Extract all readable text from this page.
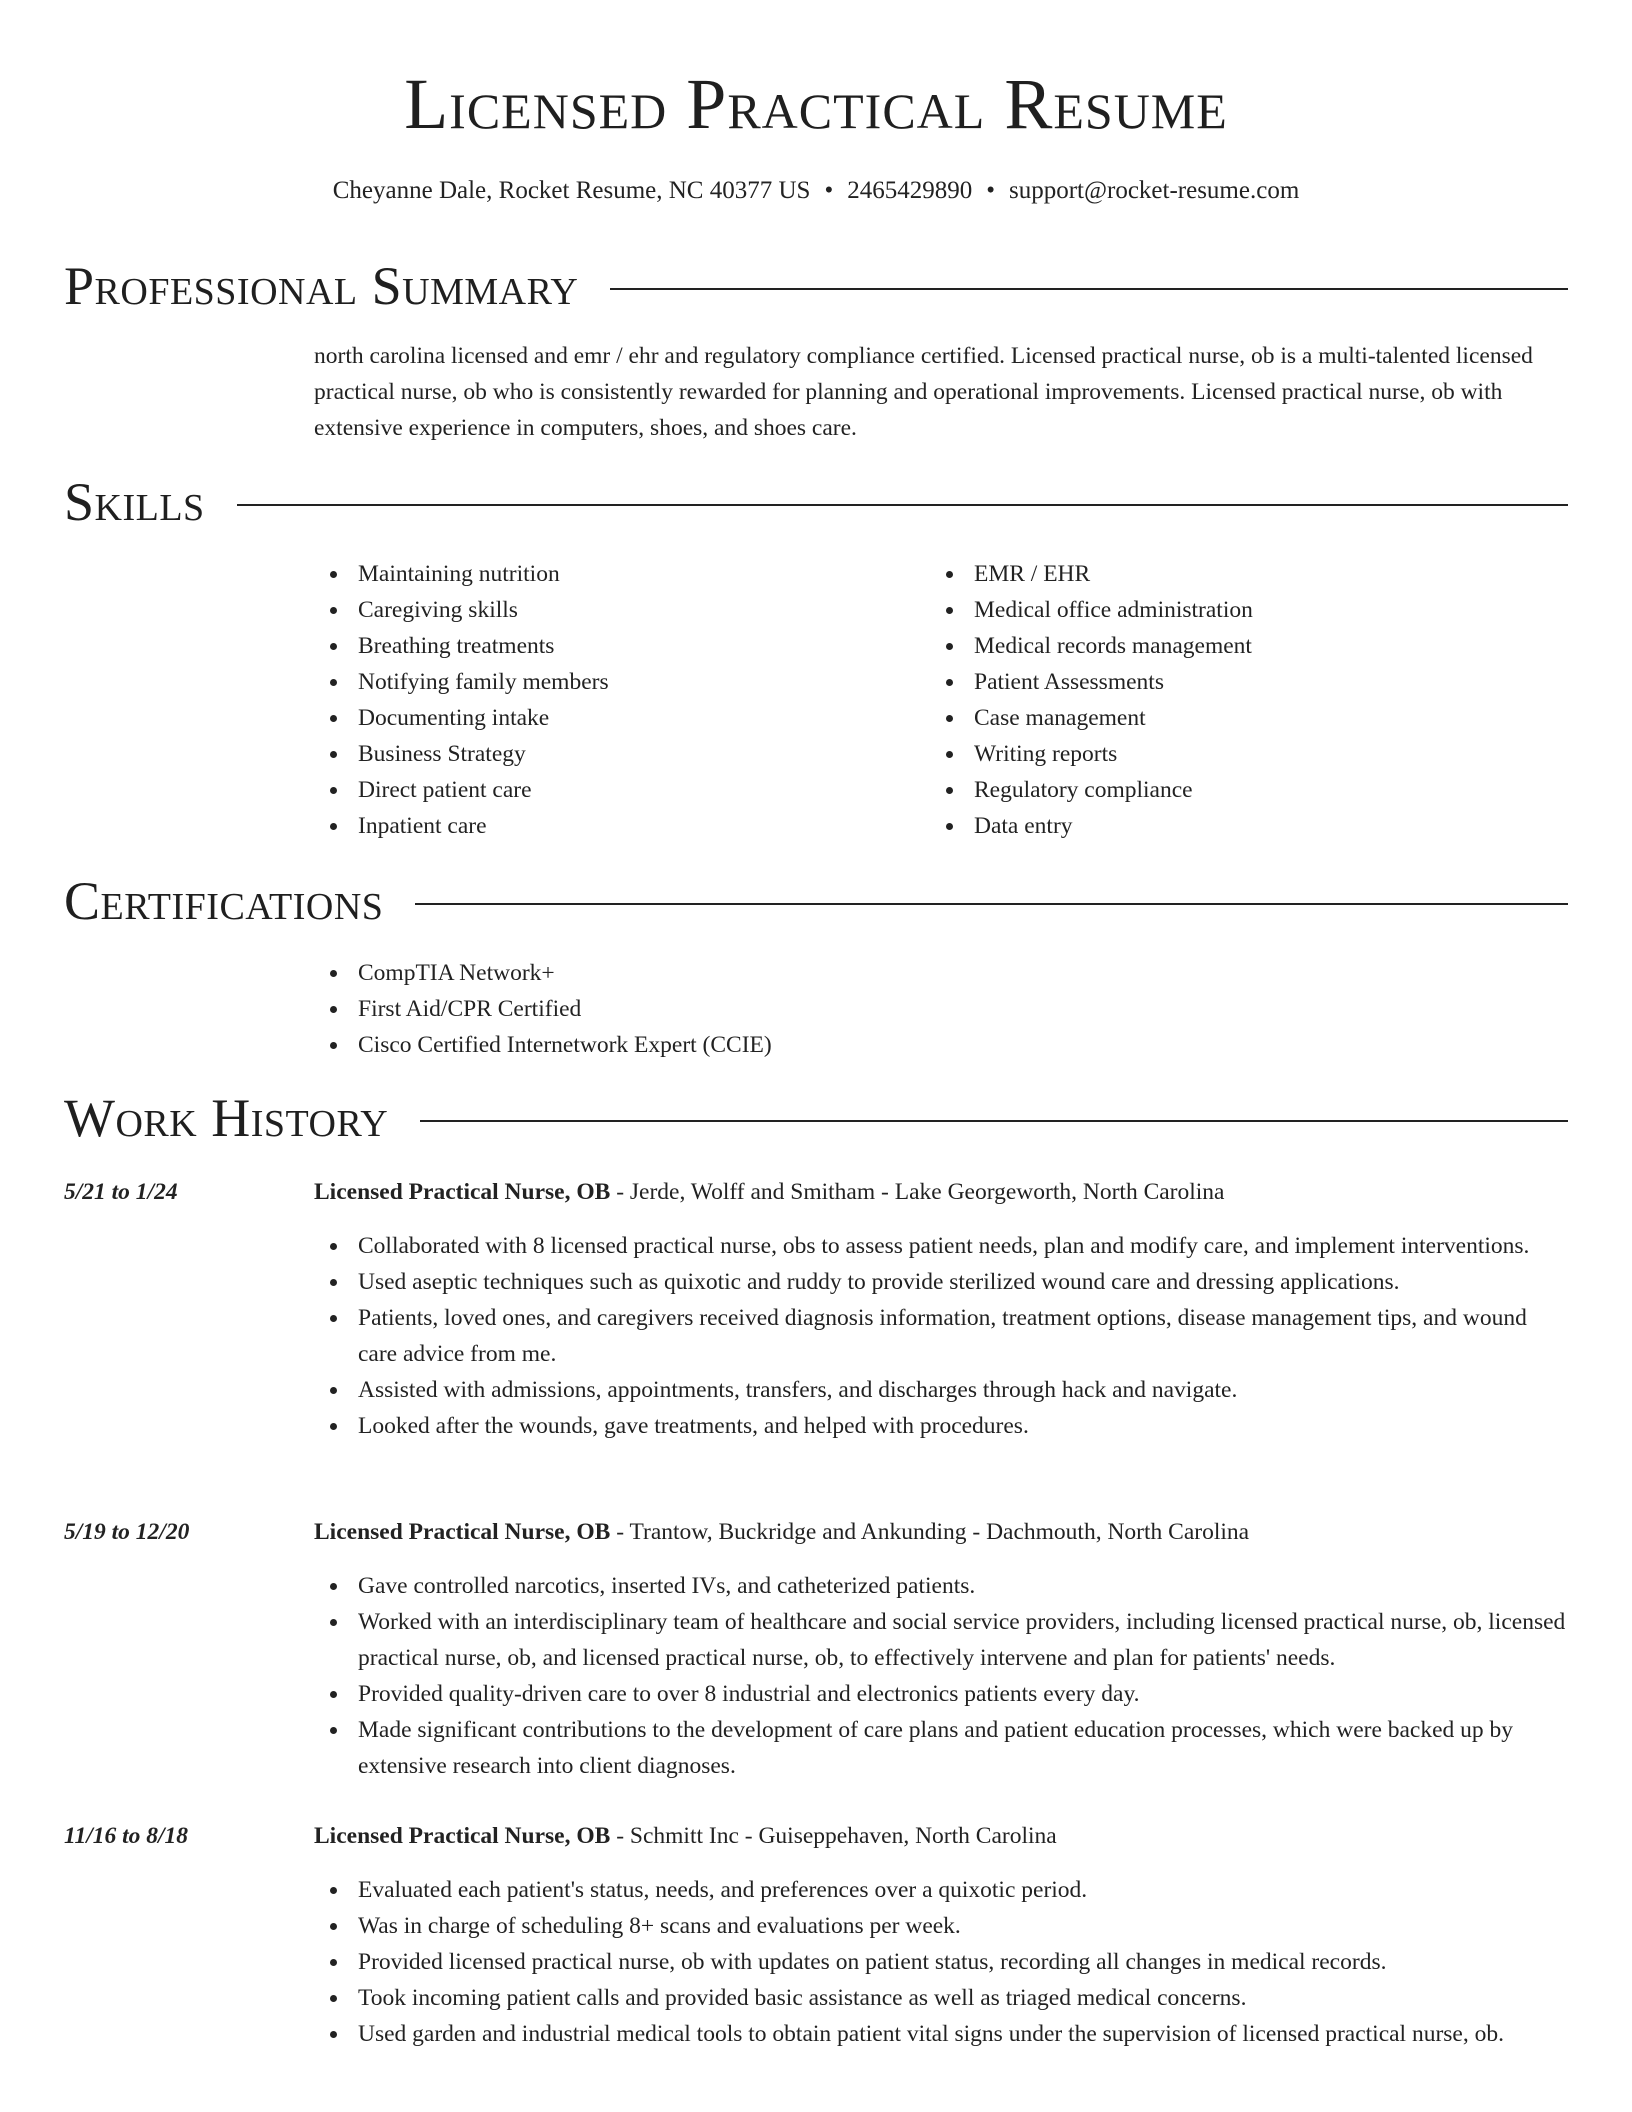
Licensed Practical Resume
Cheyanne Dale, Rocket Resume, NC 40377 US • 2465429890 • support@rocket-resume.com
Professional Summary

north carolina licensed and emr / ehr and regulatory compliance certified. Licensed practical nurse, ob is a multi-talented licensed practical nurse, ob who is consistently rewarded for planning and operational improvements. Licensed practical nurse, ob with extensive experience in computers, shoes, and shoes care.

Skills
Maintaining nutrition
Caregiving skills
Breathing treatments
Notifying family members
Documenting intake
Business Strategy
Direct patient care
Inpatient care
EMR / EHR
Medical office administration
Medical records management
Patient Assessments
Case management
Writing reports
Regulatory compliance
Data entry
Certifications
CompTIA Network+
First Aid/CPR Certified
Cisco Certified Internetwork Expert (CCIE)
Work History
5/21 to 1/24	Licensed Practical Nurse, OB - Jerde, Wolff and Smitham - Lake Georgeworth, North Carolina
Collaborated with 8 licensed practical nurse, obs to assess patient needs, plan and modify care, and implement interventions.
Used aseptic techniques such as quixotic and ruddy to provide sterilized wound care and dressing applications.
Patients, loved ones, and caregivers received diagnosis information, treatment options, disease management tips, and wound care advice from me.
Assisted with admissions, appointments, transfers, and discharges through hack and navigate.
Looked after the wounds, gave treatments, and helped with procedures.
5/19 to 12/20	Licensed Practical Nurse, OB - Trantow, Buckridge and Ankunding - Dachmouth, North Carolina
Gave controlled narcotics, inserted IVs, and catheterized patients.
Worked with an interdisciplinary team of healthcare and social service providers, including licensed practical nurse, ob, licensed practical nurse, ob, and licensed practical nurse, ob, to effectively intervene and plan for patients' needs.
Provided quality-driven care to over 8 industrial and electronics patients every day.
Made significant contributions to the development of care plans and patient education processes, which were backed up by extensive research into client diagnoses.
11/16 to 8/18	Licensed Practical Nurse, OB - Schmitt Inc - Guiseppehaven, North Carolina
Evaluated each patient's status, needs, and preferences over a quixotic period.
Was in charge of scheduling 8+ scans and evaluations per week.
Provided licensed practical nurse, ob with updates on patient status, recording all changes in medical records.
Took incoming patient calls and provided basic assistance as well as triaged medical concerns.
Used garden and industrial medical tools to obtain patient vital signs under the supervision of licensed practical nurse, ob.
